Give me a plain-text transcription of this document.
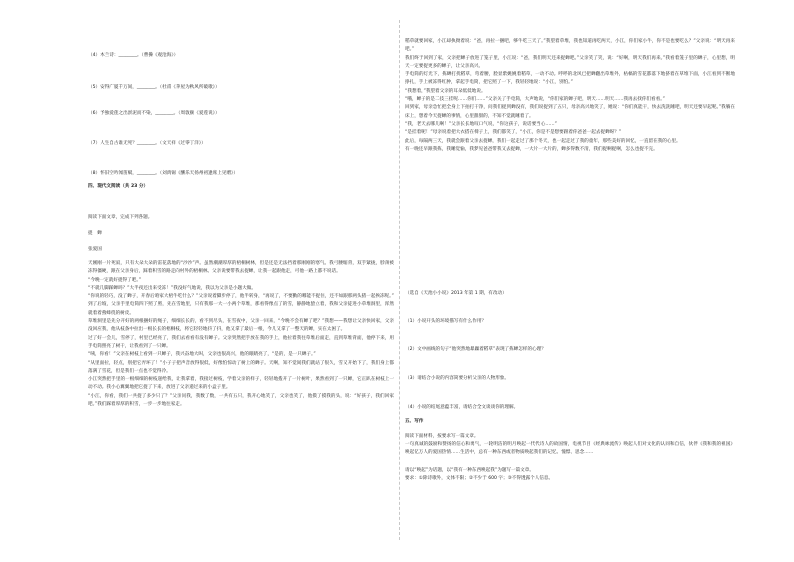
（4）木兰诗：________。（曹操《观沧海》）
（5）安得广厦千万间，________。（杜甫《茅屋为秋风所破歌》）
（6）予独爱莲之出淤泥而不染，________。（周敦颐《爱莲说》）
（7）人生自古谁无死？________。（文天祥《过零丁洋》）
（8）怀旧空吟闻笛赋，________。（刘禹锡《酬乐天扬州初逢席上见赠》）
四、现代文阅读（共 23 分）
阅读下面文章，完成下列各题。
捉　蝉
张爱国

天刚刚一片死寂，只有大朵大朵的雷花落地的“沙沙”声。虽然潮潮厚厚的梧桐树林，但是还是无法挡着那刚刚的寒气。我弓腰缩背，双手紧拢，脖颈被冻得僵硬，跟在父亲身后，踩着积雪的路走向村外的梧桐林。父亲说要带我去捉蝉，让我一起跟他走，可他一路上都不说话。

“今晚一定就好捉得了吧。”

“不就几脚踩蝉吗？”大半夜还出来受冻！”我没好气地说，我以为父亲是小题大做。

“你说的轻巧，没了蝉子，开春后咱家大梧牛吃什么？”父亲说着脚步停了，他半转身，“再说了，不要勤的哪能不捉住，还不如跟那两头猪一起挨冻呢。”

到了后坡，父亲手里电筒四下照了照，先在雪地里，只有我那一大一小两个草堆，那看得像点了的雪，静静地蛰立着，我和父亲徒进小草堆洞里，浑然就着着燕蜂绕的树皮。

草堆洞里是先分开好的两根捆好的绳子，细细长长的，看不到尽头，在雪夜中，父亲一回来，“今晚不会有蝉了吧？”我想——我想让父亲快回家，父亲没回应我，他从枝条中拉出一根长长的梧桐枝，将它轻轻地抖了抖，他又拿了最后一根，今儿又拿了一整天的蝉，实在太困了。

过了好一会儿，雪停了，村里已经亮了，我们去看看有没有蝉子。父亲突然把手放在我的手上，他拉着我往草堆后面走，直到草堆背面，他停下来，用手电筒照亮了树干，让我看到了一只蝉。

“咦，你看！”父亲在树枝上看到一只蝉子，我兴奋地大叫，父亲也很高兴，他的眼睛亮了，“是的，是一只蝉子。”

“从里面拉，轻点，别把它弄坏了！”小子子把声音放得很低，好像怕惊动了树上的蝉子。天啊，知不觉间我们就站了很久，雪又开始下了，我们身上都落满了雪花，但是我们一点也不觉得冷。

小江突然把手里的一根细细的树枝递给我，让我拿着，我接过树枝，学着父亲的样子，轻轻地拨开了一片树叶，果然看到了一只蝉，它正趴在树枝上一动不动。我小心翼翼地把它捉了下来，放进了父亲递过来的小盒子里。

“小江，你看，我们一共捉了多少只了？”父亲问我，我数了数，一共有五只，我开心地笑了，父亲也笑了，他摸了摸我的头，说：“好孩子，我们回家吧。”我们踩着厚厚的积雪，一步一步地往家走。

稻草就要回家，小江却执拗着说：“爸，再拉一捆吧，够牛吃三天了。”我望着草堆，我也知道再吃两天，小江，你们家小牛，你不是也要吃么？”父亲说：“明天再来吧。”

我们终于回到了家，父亲把蝉子放进了笼子里，小江说：“爸，我们明天还来捉蝉吧。”父亲笑了笑，说：“好啊，明天我们再来。”我看着笼子里的蝉子，心里想，明天一定要捉更多的蝉子，让父亲高兴。

手电筒的灯光下，拣蝉打扰稻草，弯着腰，脸显紫姚姚着稻草，一动不动。呼呼的北风已把蝉翻出草堆外，枯槁的雪花都落下地挤着在草堆下面，小江看到不断地挣扎，手上被冻得红肿，拿起手电筒，把它照了一下，我轻轻地说：“小江，别怕。”

“我想着，”我望着父亲的耳朵低低地说。

“哦，蝉子的是二技三挂呢……你们……”父亲关了手电筒，大声地说，“你们家的蝉子吧，明天……明天……我再去找你们看看。”

回到家，母亲急忙把全身上下拍打干净，问我们捉到蝉没有，我们说捉到了五只，母亲高兴地笑了，她说：“你们真能干，快去洗洗睡吧，明天还要早起呢。”我躺在床上，想着今天捉蝉的事情，心里甜甜的，不知不觉就睡着了。

“我，老天去哪儿啊！”父亲长长地叹口气说，“你这孩子，说话要当心……”

“是挂着呢！”母亲说着把大衣搭在椅子上，我们都笑了，“小江，你是不是想要跟着你爸爸一起去捉蝉呀？”

此后，每隔两三天，我就会跟着父亲去捉蝉，我们一起走过了那个冬天，也一起走过了我的童年，那些美好的回忆，一直留在我的心里。

有一晚还早跟我拣，我睡觉愉，我梦见爸爸带我又去捉蝉，一大片一大片的，蝉多得数不清，我们捉啊捉啊，怎么也捉不完。

（选自《天池小小说》2013 年第 1 期，有改动）
（1）小说开头的环境描写有什么作用？
（2）文中画线的句子“他突然地暴躁着稻草”表现了拣蝉怎样的心理？
（3）请结合小说的内容简要分析父亲的人物形象。
（4）小说的结尾意蕴丰富，请结合全文谈谈你的理解。
五、写作
阅读下面材料，按要求写一篇文章。
一句真诚的鼓励和赞扬的信心和勇气，一轮明洁的明月唤起一代代诗人的故国情，电视节目《经典咏流传》唤起人们对文化的认同和自信，伙伴《我和我的祖国》唤起亿万人的爱国热情……生活中，总有一种东西或者物质唤起我们的记忆、憧憬、思念……
请以“唤起”为话题，以“我有一种东西唤起我”为题写一篇文章。
要求：①除诗歌外，文体不限；②不少于 600 字；③不得透露个人信息。
